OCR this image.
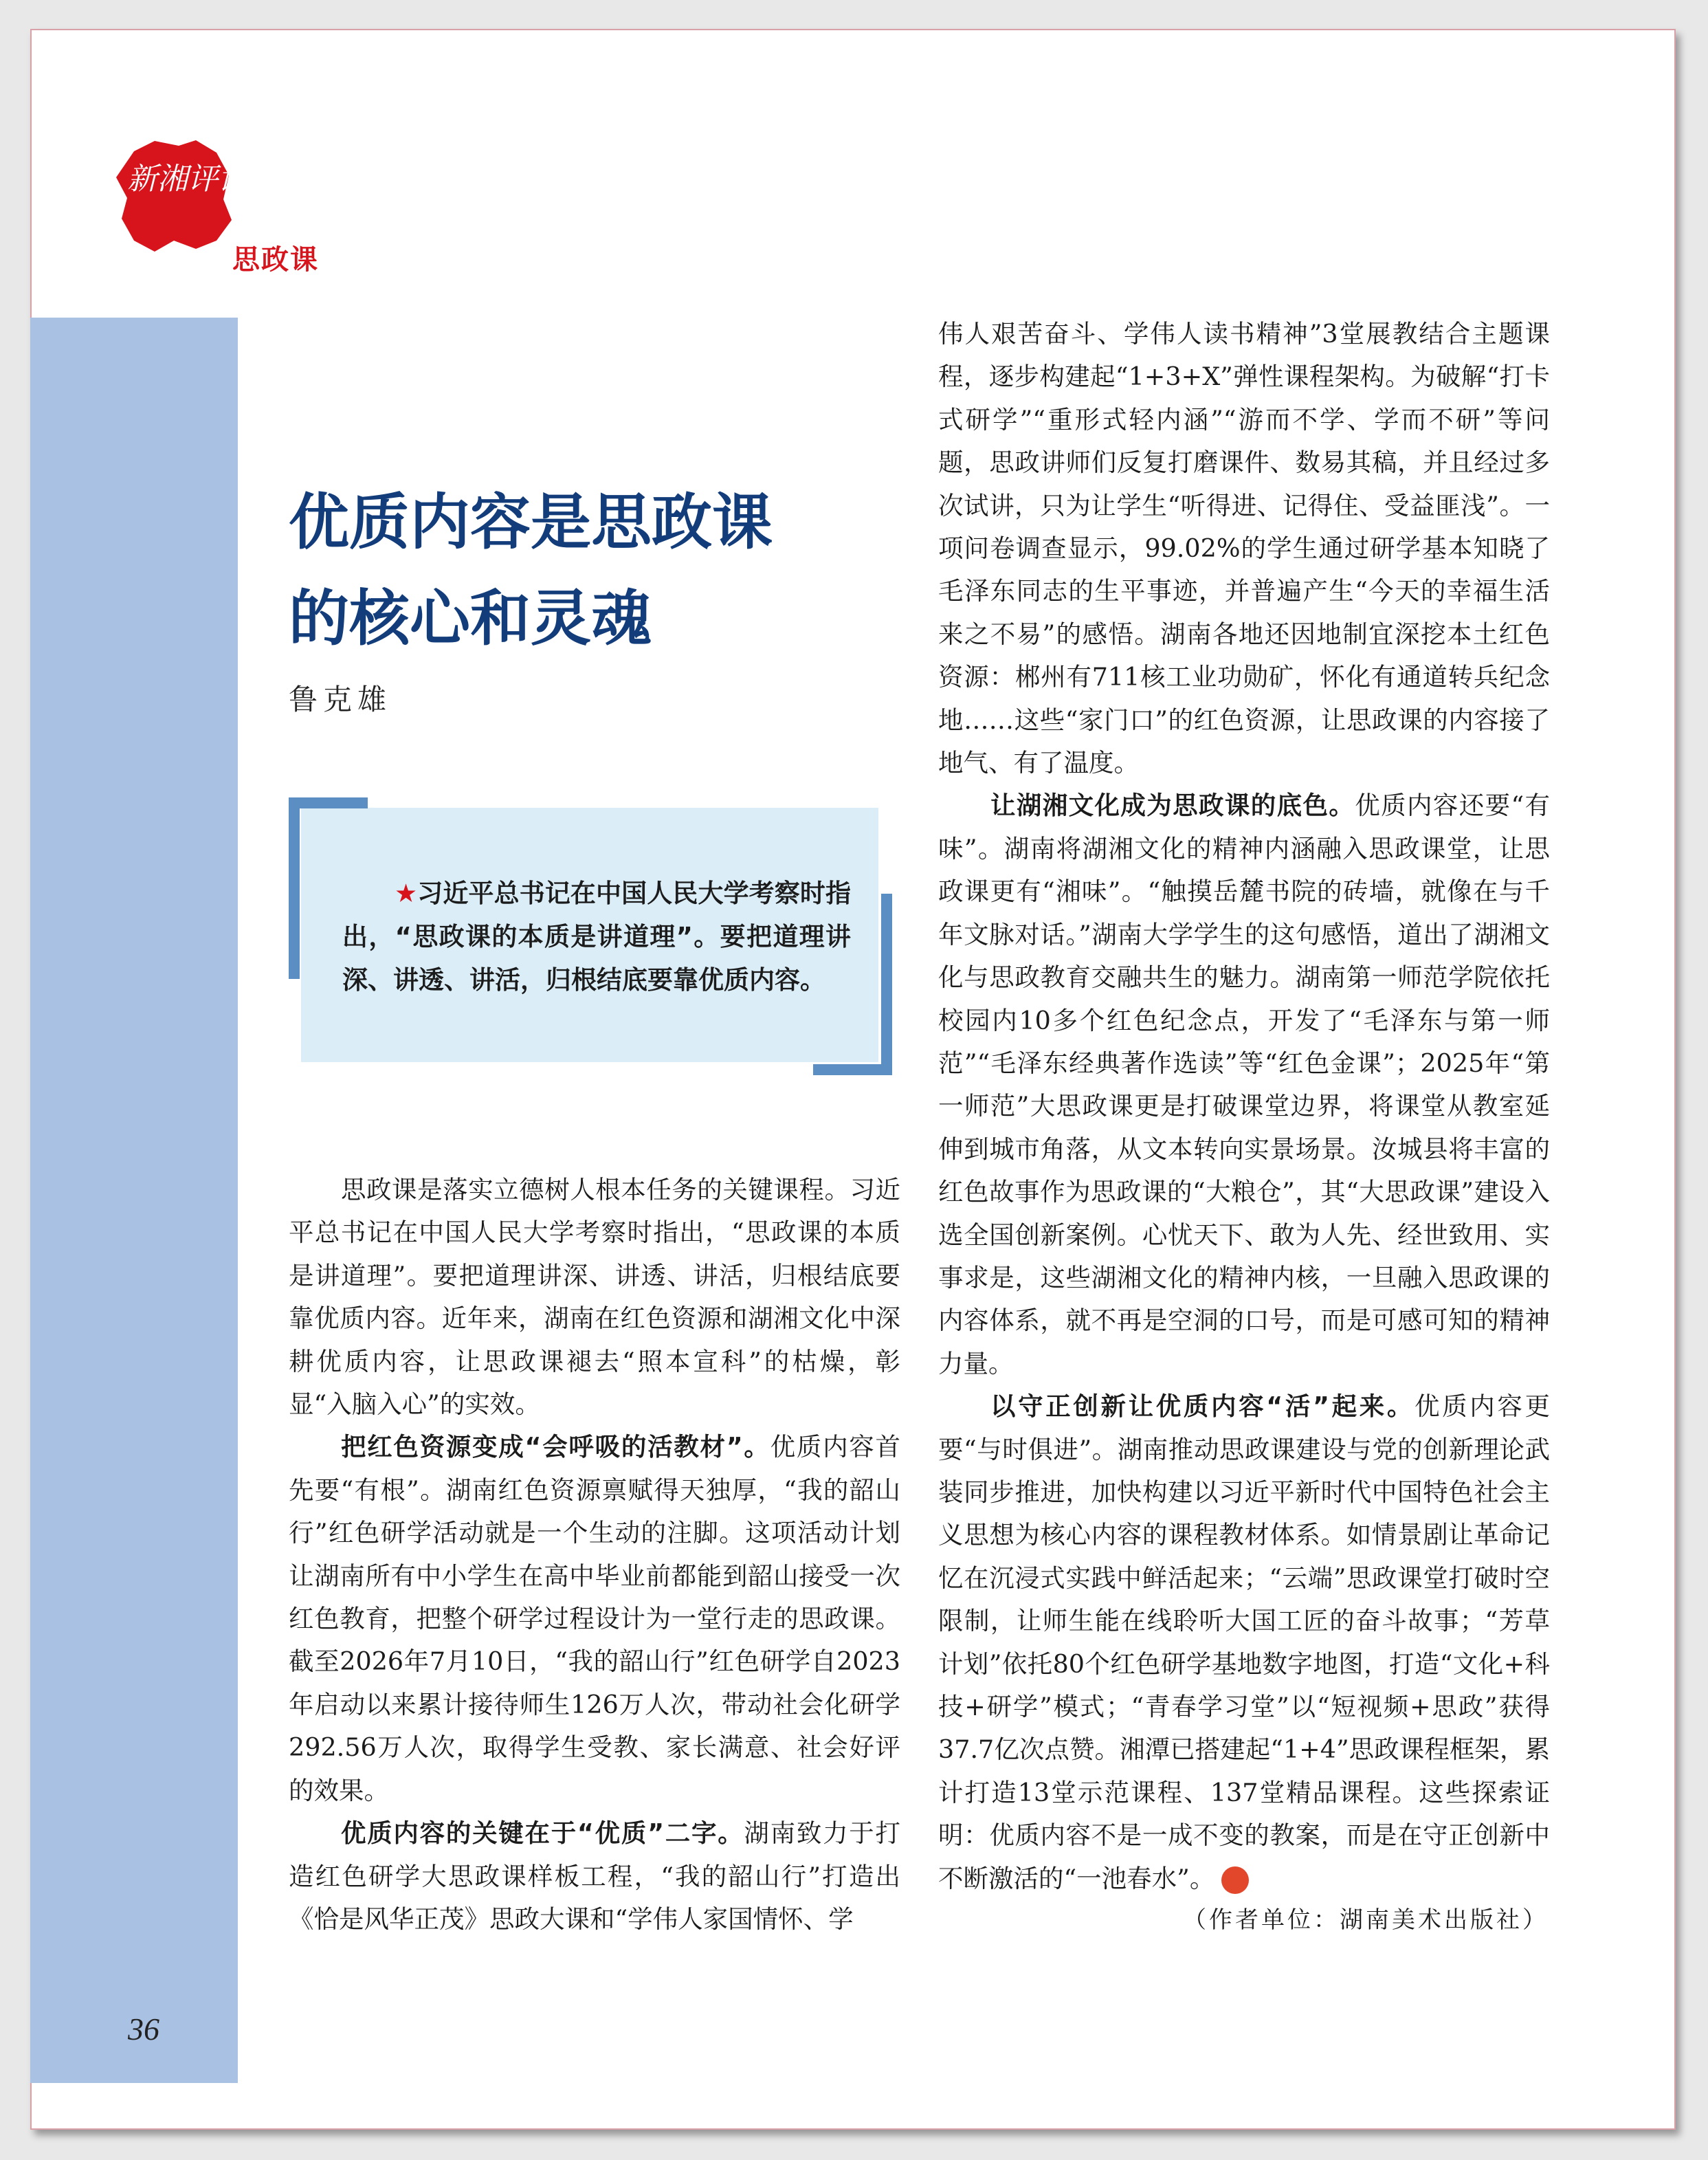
新湘评论
思政课
优质内容是思政课
的核心和灵魂
鲁克雄
★习近平总书记在中国人民大学考察时指出，“思政课的本质是讲道理”。要把道理讲深、讲透、讲活，归根结底要靠优质内容。

思政课是落实立德树人根本任务的关键课程。习近平总书记在中国人民大学考察时指出，“思政课的本质是讲道理”。要把道理讲深、讲透、讲活，归根结底要靠优质内容。近年来，湖南在红色资源和湖湘文化中深耕优质内容，让思政课褪去“照本宣科”的枯燥，彰显“入脑入心”的实效。

把红色资源变成“会呼吸的活教材”。优质内容首先要“有根”。湖南红色资源禀赋得天独厚，“我的韶山行”红色研学活动就是一个生动的注脚。这项活动计划让湖南所有中小学生在高中毕业前都能到韶山接受一次红色教育，把整个研学过程设计为一堂行走的思政课。截至2026年7月10日，“我的韶山行”红色研学自2023年启动以来累计接待师生126万人次，带动社会化研学292.56万人次，取得学生受教、家长满意、社会好评的效果。

优质内容的关键在于“优质”二字。湖南致力于打造红色研学大思政课样板工程，“我的韶山行”打造出《恰是风华正茂》思政大课和“学伟人家国情怀、学

伟人艰苦奋斗、学伟人读书精神”3堂展教结合主题课程，逐步构建起“1+3+X”弹性课程架构。为破解“打卡式研学”“重形式轻内涵”“游而不学、学而不研”等问题，思政讲师们反复打磨课件、数易其稿，并且经过多次试讲，只为让学生“听得进、记得住、受益匪浅”。一项问卷调查显示，99.02%的学生通过研学基本知晓了毛泽东同志的生平事迹，并普遍产生“今天的幸福生活来之不易”的感悟。湖南各地还因地制宜深挖本土红色资源：郴州有711核工业功勋矿，怀化有通道转兵纪念地……这些“家门口”的红色资源，让思政课的内容接了地气、有了温度。

让湖湘文化成为思政课的底色。优质内容还要“有味”。湖南将湖湘文化的精神内涵融入思政课堂，让思政课更有“湘味”。“触摸岳麓书院的砖墙，就像在与千年文脉对话。”湖南大学学生的这句感悟，道出了湖湘文化与思政教育交融共生的魅力。湖南第一师范学院依托校园内10多个红色纪念点，开发了“毛泽东与第一师范”“毛泽东经典著作选读”等“红色金课”；2025年“第一师范”大思政课更是打破课堂边界，将课堂从教室延伸到城市角落，从文本转向实景场景。汝城县将丰富的红色故事作为思政课的“大粮仓”，其“大思政课”建设入选全国创新案例。心忧天下、敢为人先、经世致用、实事求是，这些湖湘文化的精神内核，一旦融入思政课的内容体系，就不再是空洞的口号，而是可感可知的精神力量。

以守正创新让优质内容“活”起来。优质内容更要“与时俱进”。湖南推动思政课建设与党的创新理论武装同步推进，加快构建以习近平新时代中国特色社会主义思想为核心内容的课程教材体系。如情景剧让革命记忆在沉浸式实践中鲜活起来；“云端”思政课堂打破时空限制，让师生能在线聆听大国工匠的奋斗故事；“芳草计划”依托80个红色研学基地数字地图，打造“文化+科技+研学”模式；“青春学习堂”以“短视频+思政”获得37.7亿次点赞。湘潭已搭建起“1+4”思政课程框架，累计打造13堂示范课程、137堂精品课程。这些探索证明：优质内容不是一成不变的教案，而是在守正创新中不断激活的“一池春水”。	湘

（作者单位：湖南美术出版社）
36
